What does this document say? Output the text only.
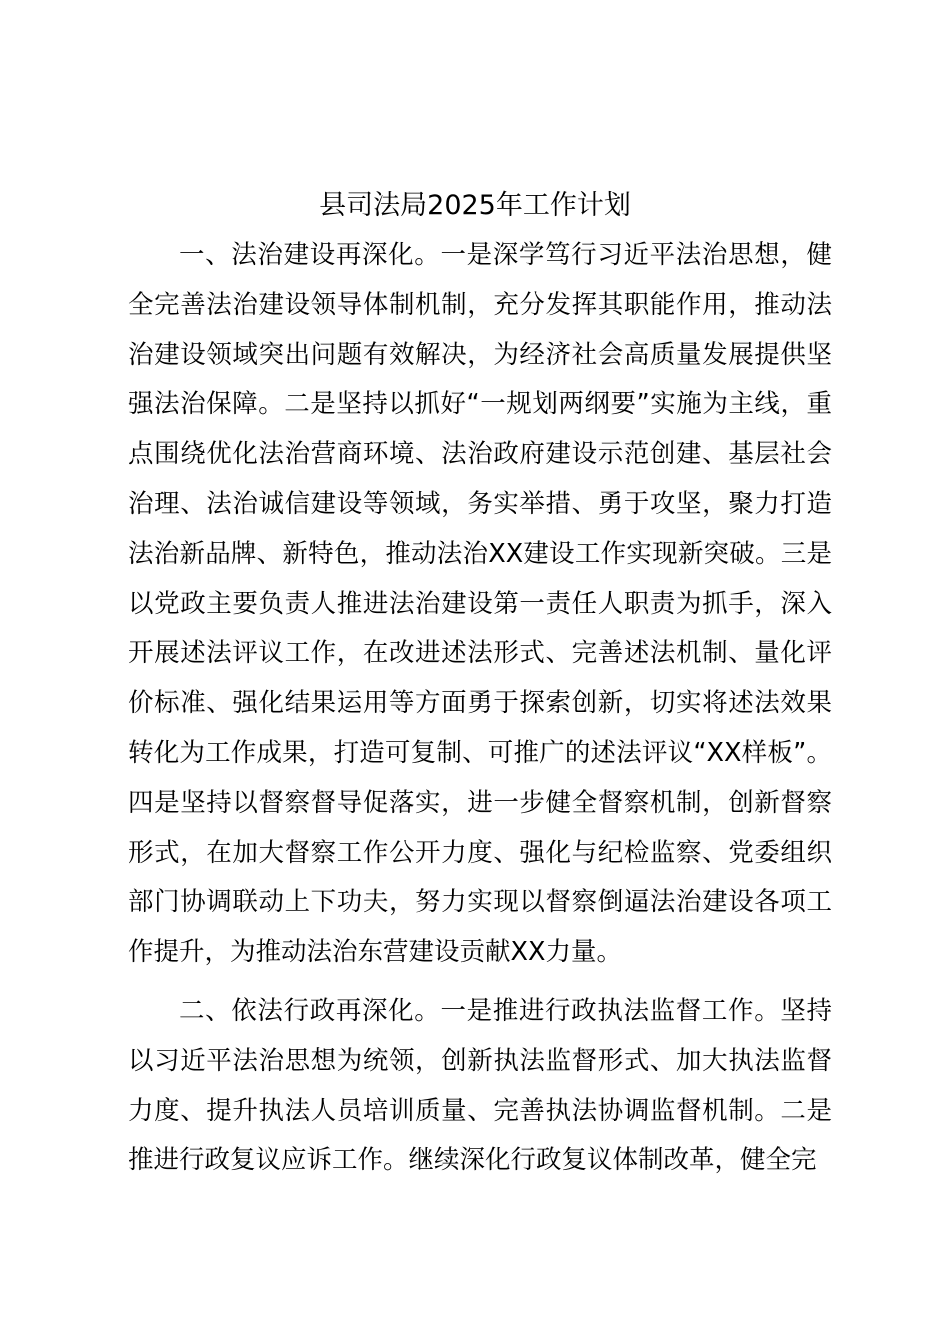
县司法局2025年工作计划

一、法治建设再深化。一是深学笃行习近平法治思想，健全完善法治建设领导体制机制，充分发挥其职能作用，推动法治建设领域突出问题有效解决，为经济社会高质量发展提供坚强法治保障。二是坚持以抓好“一规划两纲要”实施为主线，重点围绕优化法治营商环境、法治政府建设示范创建、基层社会治理、法治诚信建设等领域，务实举措、勇于攻坚，聚力打造法治新品牌、新特色，推动法治XX建设工作实现新突破。三是以党政主要负责人推进法治建设第一责任人职责为抓手，深入开展述法评议工作，在改进述法形式、完善述法机制、量化评价标准、强化结果运用等方面勇于探索创新，切实将述法效果转化为工作成果，打造可复制、可推广的述法评议“XX样板”。四是坚持以督察督导促落实，进一步健全督察机制，创新督察形式，在加大督察工作公开力度、强化与纪检监察、党委组织部门协调联动上下功夫，努力实现以督察倒逼法治建设各项工作提升，为推动法治东营建设贡献XX力量。

二、依法行政再深化。一是推进行政执法监督工作。坚持以习近平法治思想为统领，创新执法监督形式、加大执法监督力度、提升执法人员培训质量、完善执法协调监督机制。二是推进行政复议应诉工作。继续深化行政复议体制改革，健全完
